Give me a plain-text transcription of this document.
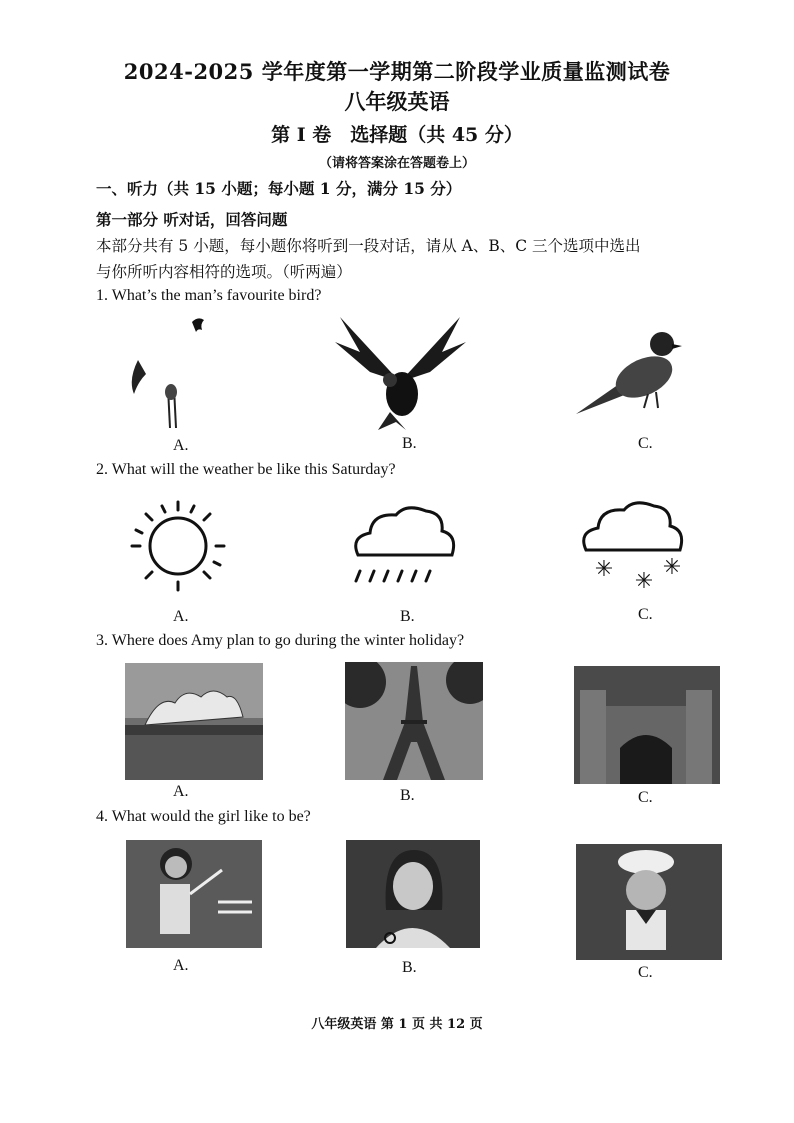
2024-2025 学年度第一学期第二阶段学业质量监测试卷
八年级英语
第 I 卷　选择题（共 45 分）
（请将答案涂在答题卷上）
一、听力（共 15 小题；每小题 1 分，满分 15 分）
第一部分 听对话，回答问题
本部分共有 5 小题，每小题你将听到一段对话，请从 A、B、C 三个选项中选出
与你所听内容相符的选项。（听两遍）
1. What’s the man’s favourite bird?
A.	B.	C.
2. What will the weather be like this Saturday?
✳ ✳
✳
A.	B.	C.
3. Where does Amy plan to go during the winter holiday?
A.	B.	C.
4. What would the girl like to be?
A.	B.	C.
八年级英语 第 1 页 共 12 页
